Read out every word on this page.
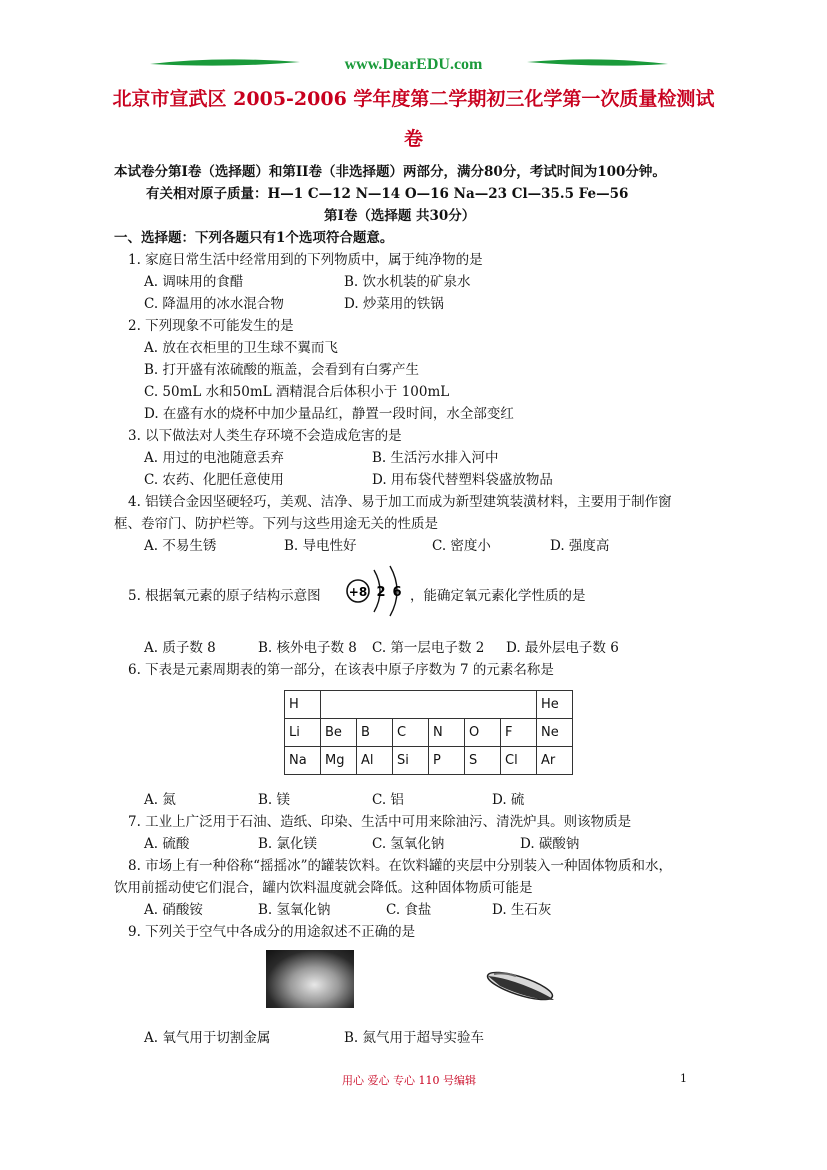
www.DearEDU.com
北京市宣武区 2005-2006 学年度第二学期初三化学第一次质量检测试
卷
本试卷分第Ⅰ卷（选择题）和第II卷（非选择题）两部分，满分80分，考试时间为100分钟。
有关相对原子质量：H—1 C—12 N—14 O—16 Na—23 Cl—35.5 Fe—56
第Ⅰ卷（选择题 共30分）
一、选择题：下列各题只有1个选项符合题意。
1. 家庭日常生活中经常用到的下列物质中，属于纯净物的是
A. 调味用的食醋	B. 饮水机装的矿泉水
C. 降温用的冰水混合物	D. 炒菜用的铁锅
2. 下列现象不可能发生的是
A. 放在衣柜里的卫生球不翼而飞
B. 打开盛有浓硫酸的瓶盖，会看到有白雾产生
C. 50mL 水和50mL 酒精混合后体积小于 100mL
D. 在盛有水的烧杯中加少量品红，静置一段时间，水全部变红
3. 以下做法对人类生存环境不会造成危害的是
A. 用过的电池随意丢弃	B. 生活污水排入河中
C. 农药、化肥任意使用	D. 用布袋代替塑料袋盛放物品
4. 铝镁合金因坚硬轻巧，美观、洁净、易于加工而成为新型建筑装潢材料，主要用于制作窗
框、卷帘门、防护栏等。下列与这些用途无关的性质是
A. 不易生锈	B. 导电性好	C. 密度小	D. 强度高
5. 根据氧元素的原子结构示意图 +8 2 6 ，能确定氧元素化学性质的是
A. 质子数 8	B. 核外电子数 8 C. 第一层电子数 2 D. 最外层电子数 6
6. 下表是元素周期表的第一部分，在该表中原子序数为 7 的元素名称是
H							He
Li	Be	B	C	N	O	F	Ne
Na	Mg	Al	Si	P	S	Cl	Ar
A. 氮	B. 镁	C. 铝	D. 硫
7. 工业上广泛用于石油、造纸、印染、生活中可用来除油污、清洗炉具。则该物质是
A. 硫酸	B. 氯化镁	C. 氢氧化钠	D. 碳酸钠
8. 市场上有一种俗称“摇摇冰”的罐装饮料。在饮料罐的夹层中分别装入一种固体物质和水，
饮用前摇动使它们混合，罐内饮料温度就会降低。这种固体物质可能是
A. 硝酸铵	B. 氢氧化钠	C. 食盐	D. 生石灰
9. 下列关于空气中各成分的用途叙述不正确的是
A. 氧气用于切割金属	B. 氮气用于超导实验车
用心 爱心 专心 110 号编辑	1
